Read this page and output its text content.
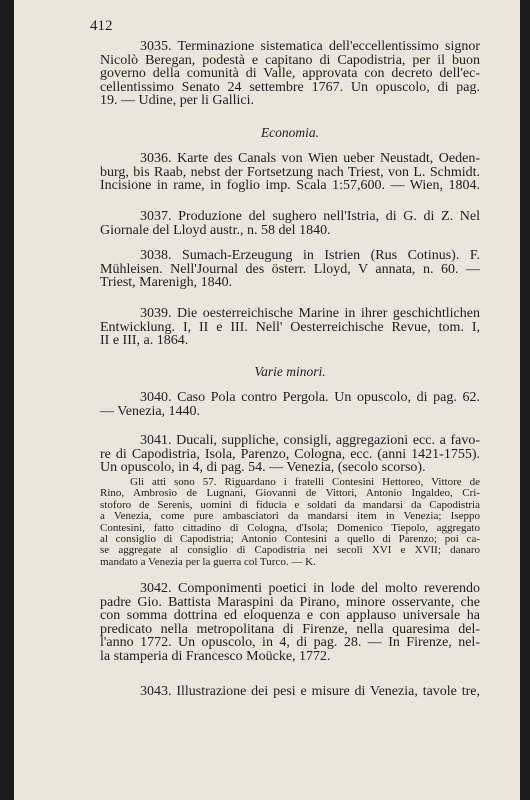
412
3035. Terminazione sistematica dell'eccellentissimo signor
Nicolò Beregan, podestà e capitano di Capodistria, per il buon
governo della comunità di Valle, approvata con decreto dell'ec-
cellentissimo Senato 24 settembre 1767. Un opuscolo, di pag.
19. — Udine, per li Gallici.
Economia.
3036. Karte des Canals von Wien ueber Neustadt, Oeden-
burg, bis Raab, nebst der Fortsetzung nach Triest, von L. Schmidt.
Incisione in rame, in foglio imp. Scala 1:57,600. — Wien, 1804.
3037. Produzione del sughero nell'Istria, di G. di Z. Nel
Giornale del Lloyd austr., n. 58 del 1840.
3038. Sumach-Erzeugung in Istrien (Rus Cotinus). F.
Mühleisen. Nell'Journal des österr. Lloyd, V annata, n. 60. —
Triest, Marenigh, 1840.
3039. Die oesterreichische Marine in ihrer geschichtlichen
Entwicklung. I, II e III. Nell' Oesterreichische Revue, tom. I,
II e III, a. 1864.
Varie minori.
3040. Caso Pola contro Pergola. Un opuscolo, di pag. 62.
— Venezia, 1440.
3041. Ducali, suppliche, consigli, aggregazioni ecc. a favo-
re di Capodistria, Isola, Parenzo, Cologna, ecc. (anni 1421-1755).
Un opuscolo, in 4, di pag. 54. — Venezia, (secolo scorso).
Gli atti sono 57. Riguardano i fratelli Contesini Hettoreo, Vittore de
Rino, Ambrosio de Lugnani, Giovanni de Vittori, Antonio Ingaldeo, Cri-
stoforo de Serenis, uomini di fiducia e soldati da mandarsi da Capodistria
a Venezia, come pure ambasciatori da mandarsi item in Venezia; Iseppo
Contesini, fatto cittadino di Cologna, d'Isola; Domenico Tiepolo, aggregato
al consiglio di Capodistria; Antonio Contesini a quello di Parenzo; poi ca-
se aggregate al consiglio di Capodistria nei secoli XVI e XVII; danaro
mandato a Venezia per la guerra col Turco. — K.
3042. Componimenti poetici in lode del molto reverendo
padre Gio. Battista Maraspini da Pirano, minore osservante, che
con somma dottrina ed eloquenza e con applauso universale ha
predicato nella metropolitana di Firenze, nella quaresima del-
l'anno 1772. Un opuscolo, in 4, di pag. 28. — In Firenze, nel-
la stamperia di Francesco Moücke, 1772.
3043. Illustrazione dei pesi e misure di Venezia, tavole tre,
